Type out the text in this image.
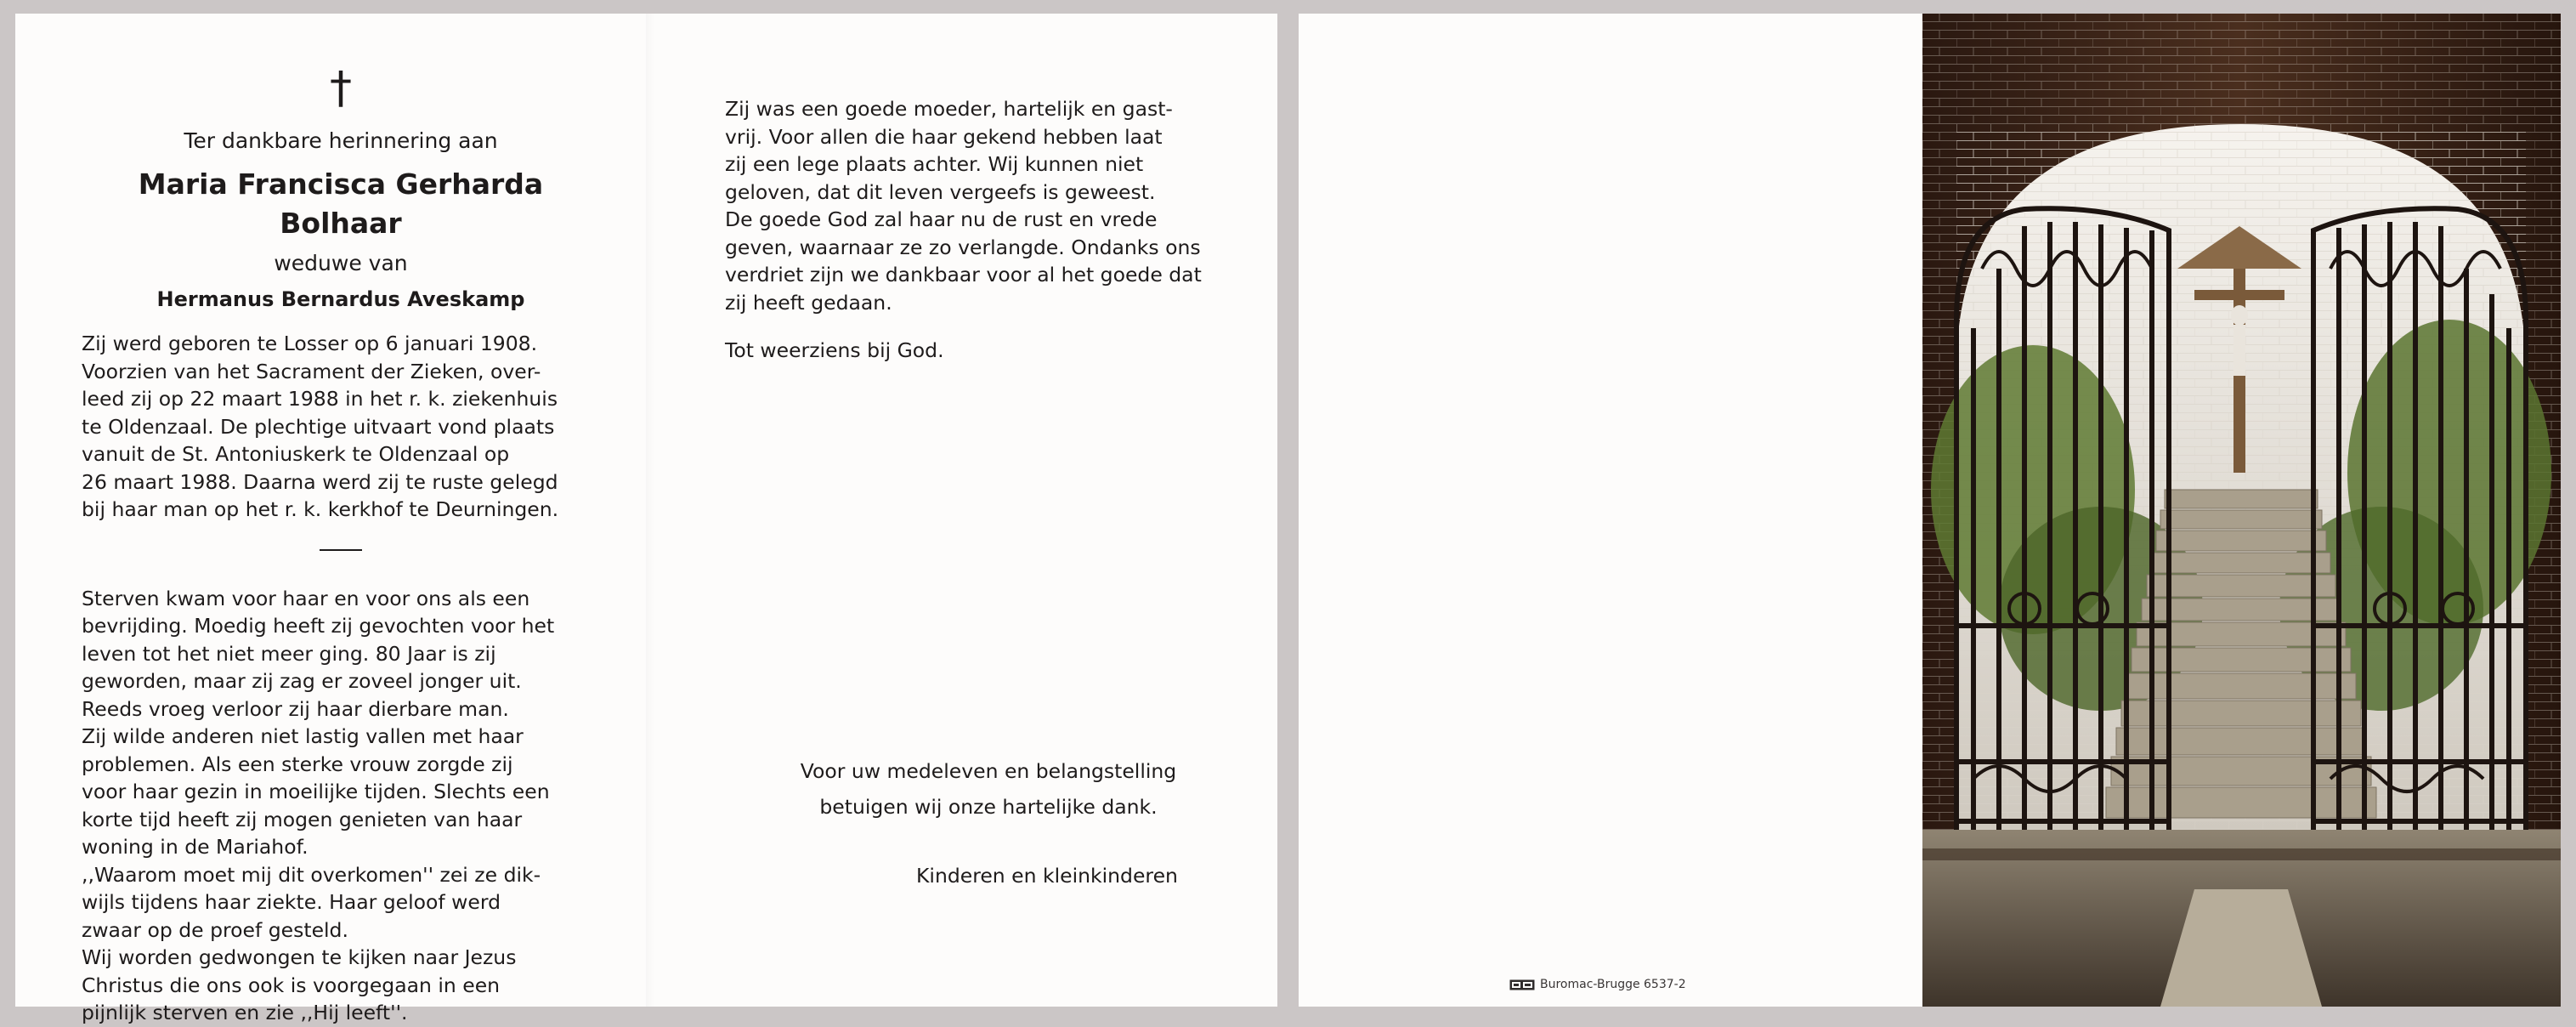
†
Ter dankbare herinnering aan
Maria Francisca Gerharda Bolhaar
weduwe van
Hermanus Bernardus Aveskamp

Zij werd geboren te Losser op 6 januari 1908.

Voorzien van het Sacrament der Zieken, over-

leed zij op 22 maart 1988 in het r. k. ziekenhuis

te Oldenzaal. De plechtige uitvaart vond plaats

vanuit de St. Antoniuskerk te Oldenzaal op

26 maart 1988. Daarna werd zij te ruste gelegd

bij haar man op het r. k. kerkhof te Deurningen.

Sterven kwam voor haar en voor ons als een

bevrijding. Moedig heeft zij gevochten voor het

leven tot het niet meer ging. 80 Jaar is zij

geworden, maar zij zag er zoveel jonger uit.

Reeds vroeg verloor zij haar dierbare man.

Zij wilde anderen niet lastig vallen met haar

problemen. Als een sterke vrouw zorgde zij

voor haar gezin in moeilijke tijden. Slechts een

korte tijd heeft zij mogen genieten van haar

woning in de Mariahof.

,,Waarom moet mij dit overkomen'' zei ze dik-

wijls tijdens haar ziekte. Haar geloof werd

zwaar op de proef gesteld.

Wij worden gedwongen te kijken naar Jezus

Christus die ons ook is voorgegaan in een

pijnlijk sterven en zie ,,Hij leeft''.

Zij was een goede moeder, hartelijk en gast-

vrij. Voor allen die haar gekend hebben laat

zij een lege plaats achter. Wij kunnen niet

geloven, dat dit leven vergeefs is geweest.

De goede God zal haar nu de rust en vrede

geven, waarnaar ze zo verlangde. Ondanks ons

verdriet zijn we dankbaar voor al het goede dat

zij heeft gedaan.

Tot weerziens bij God.
Voor uw medeleven en belangstelling
betuigen wij onze hartelijke dank.
Kinderen en kleinkinderen
Buromac-Brugge 6537-2
